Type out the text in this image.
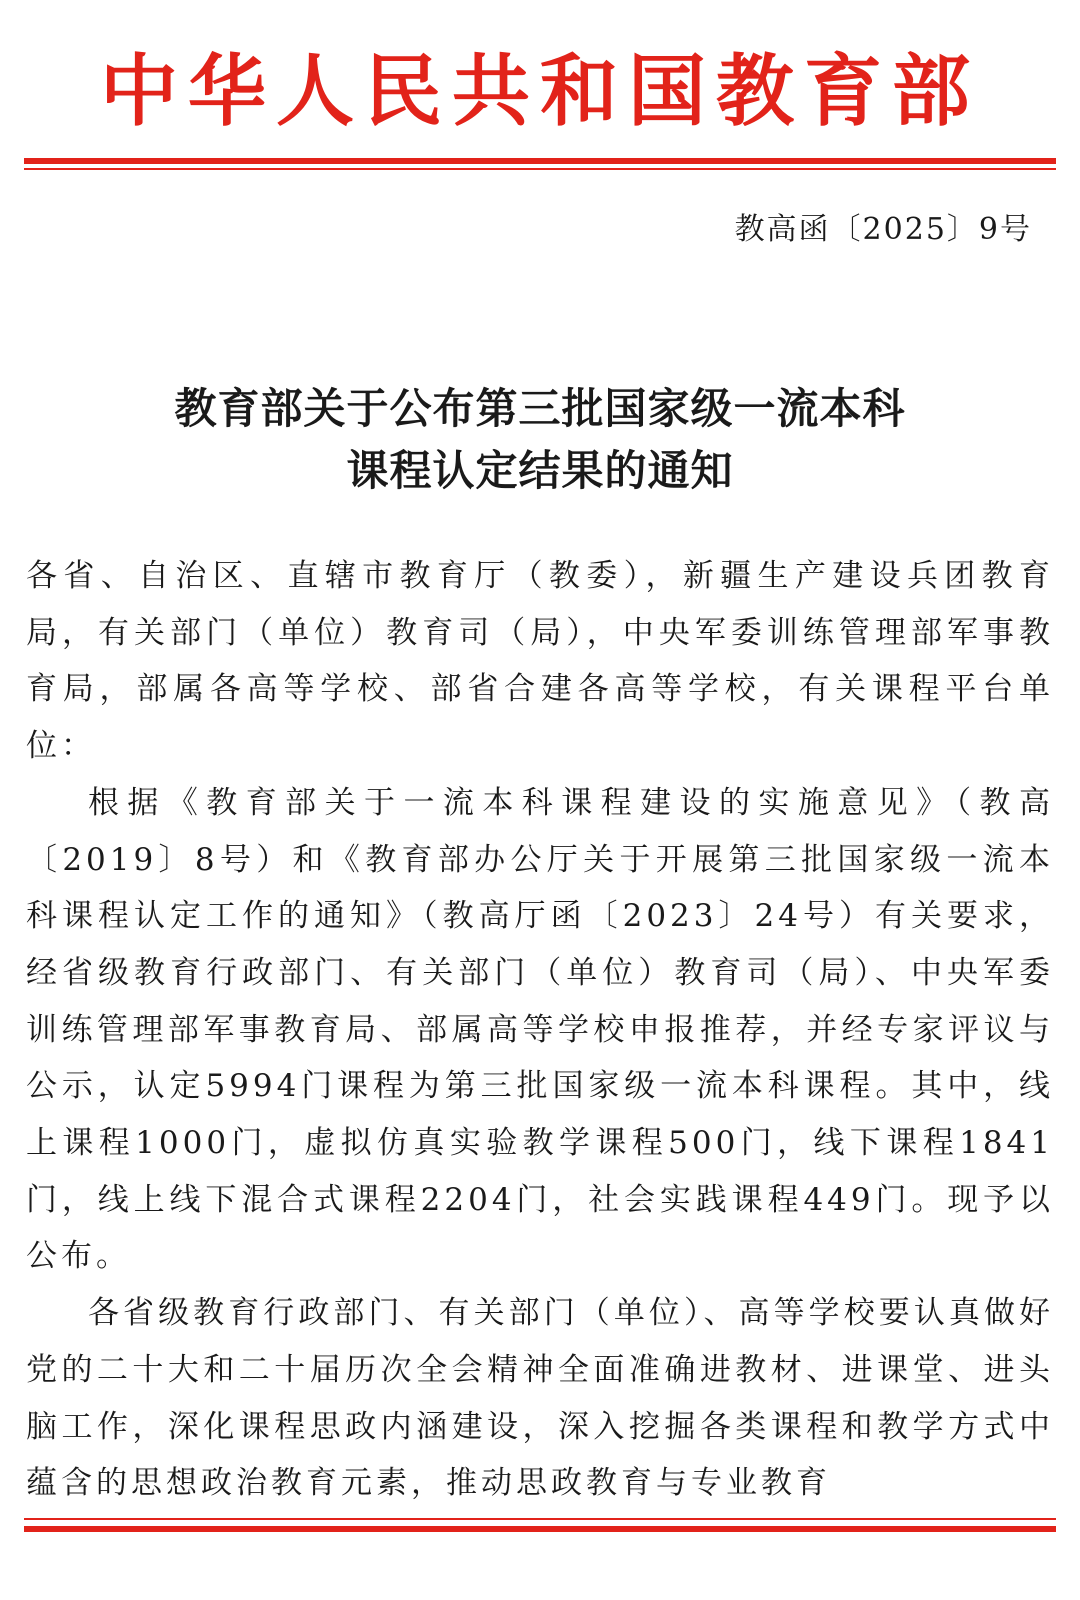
中华人民共和国教育部
教高函〔2025〕9号
教育部关于公布第三批国家级一流本科
课程认定结果的通知

各省、自治区、直辖市教育厅（教委），新疆生产建设兵团教育局，有关部门（单位）教育司（局），中央军委训练管理部军事教育局，部属各高等学校、部省合建各高等学校，有关课程平台单位：

根据《教育部关于一流本科课程建设的实施意见》（教高〔2019〕8号）和《教育部办公厅关于开展第三批国家级一流本科课程认定工作的通知》（教高厅函〔2023〕24号）有关要求，经省级教育行政部门、有关部门（单位）教育司（局）、中央军委训练管理部军事教育局、部属高等学校申报推荐，并经专家评议与公示，认定5994门课程为第三批国家级一流本科课程。其中，线上课程1000门，虚拟仿真实验教学课程500门，线下课程1841门，线上线下混合式课程2204门，社会实践课程449门。现予以公布。

各省级教育行政部门、有关部门（单位）、高等学校要认真做好党的二十大和二十届历次全会精神全面准确进教材、进课堂、进头脑工作，深化课程思政内涵建设，深入挖掘各类课程和教学方式中蕴含的思想政治教育元素，推动思政教育与专业教育
